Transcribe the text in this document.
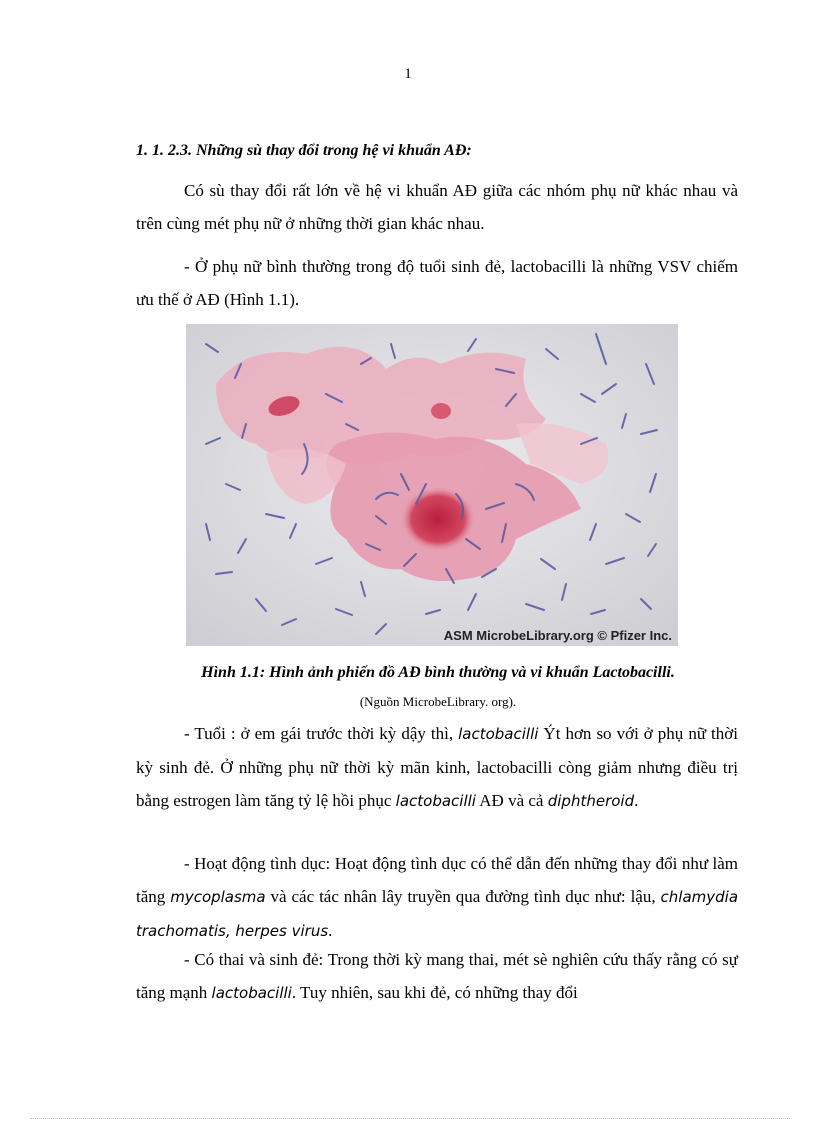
1
1. 1. 2.3. Những sù thay đổi trong hệ vi khuẩn AĐ:

Có sù thay đổi rất lớn về hệ vi khuẩn AĐ giữa các nhóm phụ nữ khác nhau và trên cùng mét phụ nữ ở những thời gian khác nhau.

- Ở phụ nữ bình thường trong độ tuổi sinh đẻ, lactobacilli là những VSV chiếm ưu thế ở AĐ (Hình 1.1).

ASM MicrobeLibrary.org © Pfizer Inc.
Hình 1.1: Hình ảnh phiến đồ AĐ bình thường và vi khuẩn Lactobacilli.
(Nguồn MicrobeLibrary. org).

- Tuổi : ở em gái trước thời kỳ dậy thì, lactobacilli Ýt hơn so với ở phụ nữ thời kỳ sinh đẻ. Ở những phụ nữ thời kỳ mãn kinh, lactobacilli còng giảm nhưng điều trị bằng estrogen làm tăng tỷ lệ hồi phục lactobacilli AĐ và cả diphtheroid.

- Hoạt động tình dục: Hoạt động tình dục có thể dẫn đến những thay đổi như làm tăng mycoplasma và các tác nhân lây truyền qua đường tình dục như: lậu, chlamydia trachomatis, herpes virus.

- Có thai và sinh đẻ: Trong thời kỳ mang thai, mét sè nghiên cứu thấy rằng có sự tăng mạnh lactobacilli. Tuy nhiên, sau khi đẻ, có những thay đổi
